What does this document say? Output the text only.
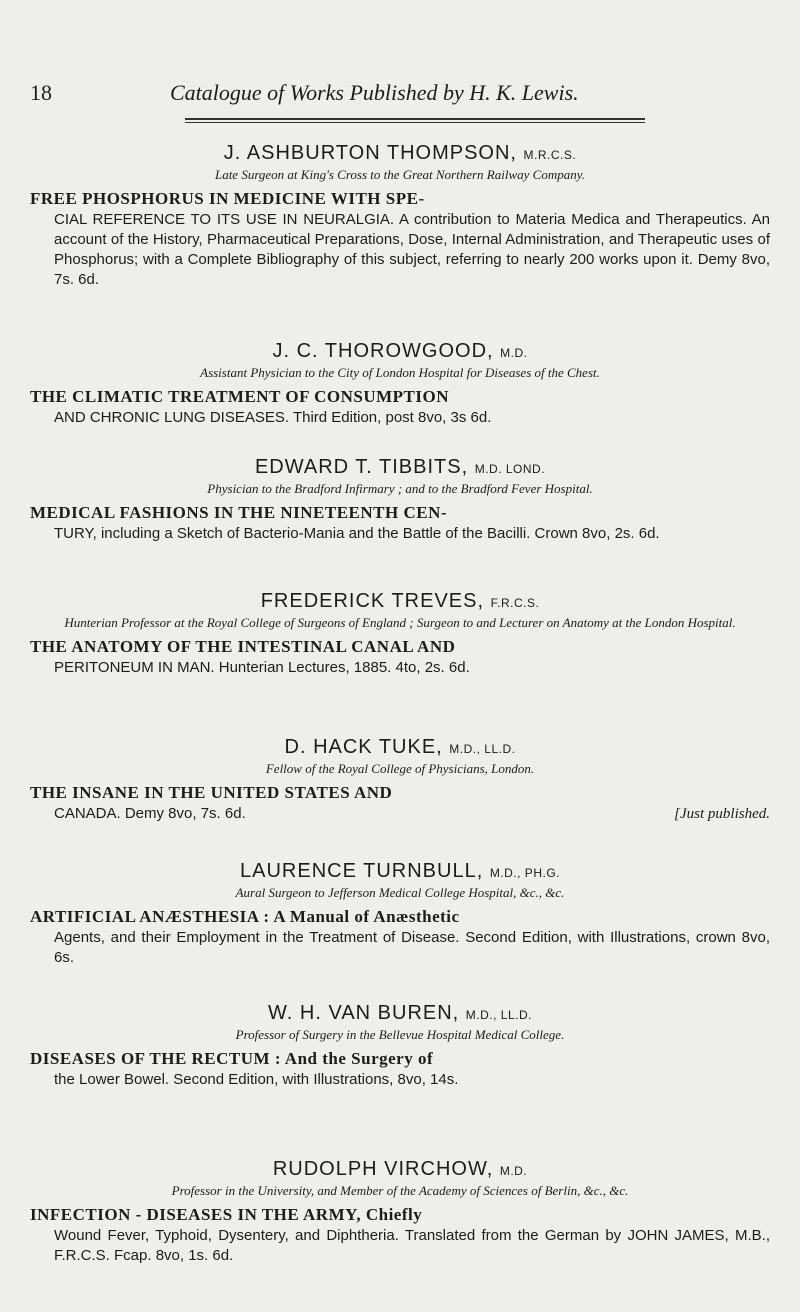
18	Catalogue of Works Published by H. K. Lewis.

J. ASHBURTON THOMPSON, M.R.C.S.

Late Surgeon at King's Cross to the Great Northern Railway Company.

FREE PHOSPHORUS IN MEDICINE WITH SPE-
CIAL REFERENCE TO ITS USE IN NEURALGIA. A contribution to Materia Medica and Therapeutics. An account of the History, Pharmaceutical Preparations, Dose, Internal Administration, and Therapeutic uses of Phosphorus; with a Complete Bibliography of this subject, referring to nearly 200 works upon it. Demy 8vo, 7s. 6d.

J. C. THOROWGOOD, M.D.

Assistant Physician to the City of London Hospital for Diseases of the Chest.

THE CLIMATIC TREATMENT OF CONSUMPTION
AND CHRONIC LUNG DISEASES. Third Edition, post 8vo, 3s 6d.

EDWARD T. TIBBITS, M.D. LOND.

Physician to the Bradford Infirmary ; and to the Bradford Fever Hospital.

MEDICAL FASHIONS IN THE NINETEENTH CEN-
TURY, including a Sketch of Bacterio-Mania and the Battle of the Bacilli. Crown 8vo, 2s. 6d.

FREDERICK TREVES, F.R.C.S.

Hunterian Professor at the Royal College of Surgeons of England ; Surgeon to and Lecturer on Anatomy at the London Hospital.

THE ANATOMY OF THE INTESTINAL CANAL AND
PERITONEUM IN MAN. Hunterian Lectures, 1885. 4to, 2s. 6d.

D. HACK TUKE, M.D., LL.D.

Fellow of the Royal College of Physicians, London.

THE INSANE IN THE UNITED STATES AND
CANADA. Demy 8vo, 7s. 6d.	[Just published.

LAURENCE TURNBULL, M.D., PH.G.

Aural Surgeon to Jefferson Medical College Hospital, &c., &c.

ARTIFICIAL ANÆSTHESIA : A Manual of Anæsthetic
Agents, and their Employment in the Treatment of Disease. Second Edition, with Illustrations, crown 8vo, 6s.

W. H. VAN BUREN, M.D., LL.D.

Professor of Surgery in the Bellevue Hospital Medical College.

DISEASES OF THE RECTUM : And the Surgery of
the Lower Bowel. Second Edition, with Illustrations, 8vo, 14s.

RUDOLPH VIRCHOW, M.D.

Professor in the University, and Member of the Academy of Sciences of Berlin, &c., &c.

INFECTION - DISEASES IN THE ARMY, Chiefly
Wound Fever, Typhoid, Dysentery, and Diphtheria. Translated from the German by JOHN JAMES, M.B., F.R.C.S. Fcap. 8vo, 1s. 6d.
